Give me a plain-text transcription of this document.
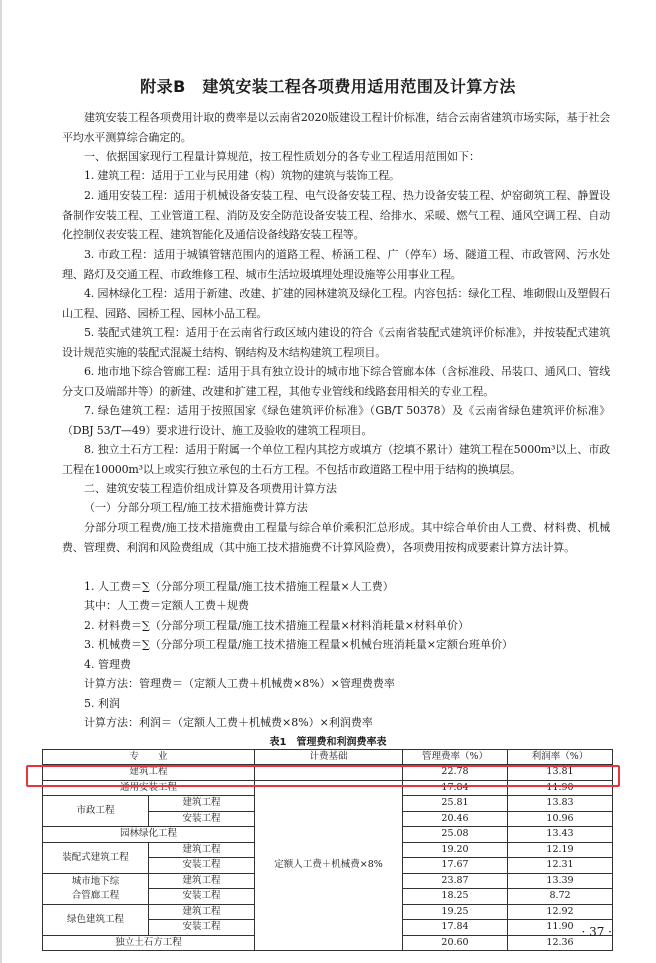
附录B　建筑安装工程各项费用适用范围及计算方法
建筑安装工程各项费用计取的费率是以云南省2020版建设工程计价标准，结合云南省建筑市场实际，基于社会平均水平测算综合确定的。
一、依据国家现行工程量计算规范，按工程性质划分的各专业工程适用范围如下：
1. 建筑工程：适用于工业与民用建（构）筑物的建筑与装饰工程。
2. 通用安装工程：适用于机械设备安装工程、电气设备安装工程、热力设备安装工程、炉窑砌筑工程、静置设备制作安装工程、工业管道工程、消防及安全防范设备安装工程、给排水、采暖、燃气工程、通风空调工程、自动化控制仪表安装工程、建筑智能化及通信设备线路安装工程等。
3. 市政工程：适用于城镇管辖范围内的道路工程、桥涵工程、广（停车）场、隧道工程、市政管网、污水处理、路灯及交通工程、市政维修工程、城市生活垃圾填埋处理设施等公用事业工程。
4. 园林绿化工程：适用于新建、改建、扩建的园林建筑及绿化工程。内容包括：绿化工程、堆砌假山及塑假石山工程、园路、园桥工程、园林小品工程。
5. 装配式建筑工程：适用于在云南省行政区域内建设的符合《云南省装配式建筑评价标准》，并按装配式建筑设计规范实施的装配式混凝土结构、钢结构及木结构建筑工程项目。
6. 地市地下综合管廊工程：适用于具有独立设计的城市地下综合管廊本体（含标准段、吊装口、通风口、管线分支口及端部井等）的新建、改建和扩建工程，其他专业管线和线路套用相关的专业工程。
7. 绿色建筑工程：适用于按照国家《绿色建筑评价标准》（GB/T 50378）及《云南省绿色建筑评价标准》（DBJ 53/T—49）要求进行设计、施工及验收的建筑工程项目。
8. 独立土石方工程：适用于附属一个单位工程内其挖方或填方（挖填不累计）建筑工程在5000m³以上、市政工程在10000m³以上或实行独立承包的土石方工程。不包括市政道路工程中用于结构的换填层。
二、建筑安装工程造价组成计算及各项费用计算方法
（一）分部分项工程/施工技术措施费计算方法
分部分项工程费/施工技术措施费由工程量与综合单价乘积汇总形成。其中综合单价由人工费、材料费、机械费、管理费、利润和风险费组成（其中施工技术措施费不计算风险费），各项费用按构成要素计算方法计算。
1. 人工费＝∑（分部分项工程量/施工技术措施工程量×人工费）
其中：人工费＝定额人工费＋规费
2. 材料费＝∑（分部分项工程量/施工技术措施工程量×材料消耗量×材料单价）
3. 机械费＝∑（分部分项工程量/施工技术措施工程量×机械台班消耗量×定额台班单价）
4. 管理费
计算方法：管理费＝（定额人工费＋机械费×8%）×管理费费率
5. 利润
计算方法：利润＝（定额人工费＋机械费×8%）×利润费率
表1　管理费和利润费率表
专　　业		计费基础	管理费率（%）	利润率（%）
建筑工程			22.78	13.81
通用安装工程		定额人工费＋机械费×8%	17.84	11.90
市政工程	建筑工程		25.81	13.83
	安装工程		20.46	10.96
园林绿化工程			25.08	13.43
装配式建筑工程	建筑工程		19.20	12.19
	安装工程		17.67	12.31
城市地下综
合管廊工程	建筑工程		23.87	13.39
	安装工程		18.25	8.72
绿色建筑工程	建筑工程		19.25	12.92
	安装工程		17.84	11.90
独立土石方工程			20.60	12.36
· 37 ·
